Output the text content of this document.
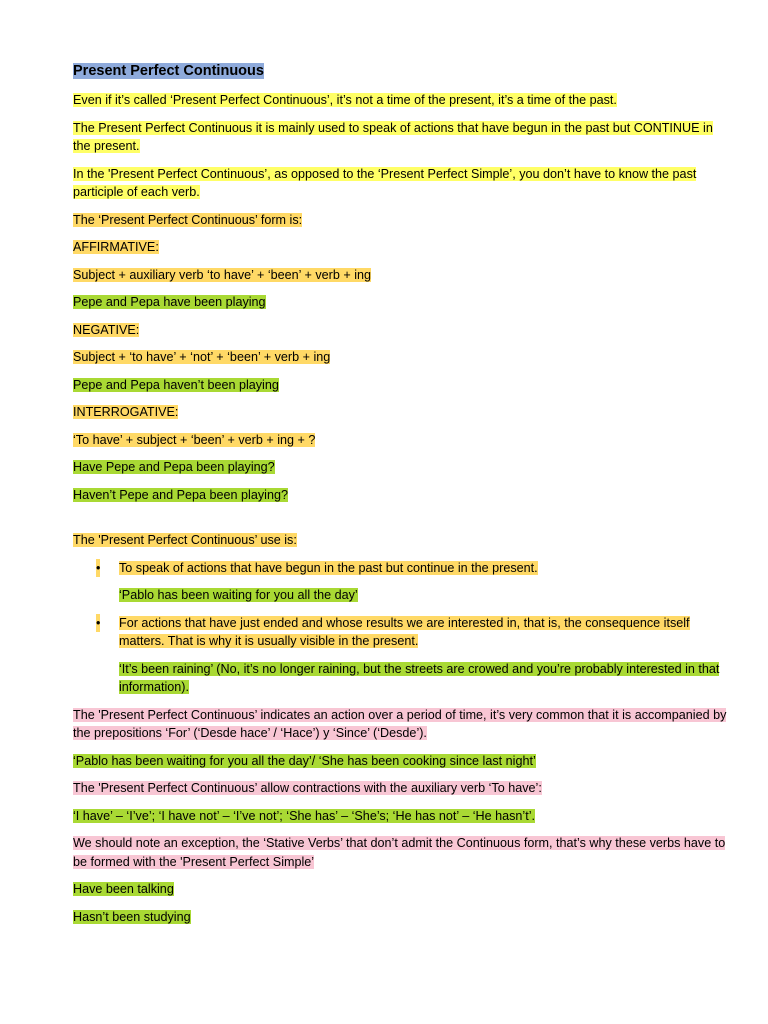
Present Perfect Continuous

Even if it’s called ‘Present Perfect Continuous’, it’s not a time of the present, it’s a time of the past.

The Present Perfect Continuous it is mainly used to speak of actions that have begun in the past but CONTINUE in the present.

In the 'Present Perfect Continuous’, as opposed to the ‘Present Perfect Simple’, you don’t have to know the past participle of each verb.

The ‘Present Perfect Continuous’ form is:

AFFIRMATIVE:

Subject + auxiliary verb ‘to have’ + ‘been’ + verb + ing

Pepe and Pepa have been playing

NEGATIVE:

Subject + ‘to have’ + ‘not’ + ‘been’ + verb + ing

Pepe and Pepa haven’t been playing

INTERROGATIVE:

‘To have’ + subject + ‘been’ + verb + ing + ?

Have Pepe and Pepa been playing?

Haven’t Pepe and Pepa been playing?

The 'Present Perfect Continuous’ use is:

• To speak of actions that have begun in the past but continue in the present.

‘Pablo has been waiting for you all the day’

• For actions that have just ended and whose results we are interested in, that is, the consequence itself matters. That is why it is usually visible in the present.

‘It’s been raining’ (No, it’s no longer raining, but the streets are crowed and you’re probably interested in that information).

The 'Present Perfect Continuous’ indicates an action over a period of time, it’s very common that it is accompanied by the prepositions ‘For’ (‘Desde hace’ / ‘Hace’) y ‘Since’ (‘Desde’).

‘Pablo has been waiting for you all the day’/ ‘She has been cooking since last night’

The 'Present Perfect Continuous’ allow contractions with the auxiliary verb ‘To have’:

‘I have’ – ‘I’ve’; ‘I have not’ – ‘I’ve not’; ‘She has’ – ‘She’s; ‘He has not’ – ‘He hasn’t’.

We should note an exception, the ‘Stative Verbs’ that don’t admit the Continuous form, that’s why these verbs have to be formed with the 'Present Perfect Simple’

Have been talking

Hasn’t been studying
